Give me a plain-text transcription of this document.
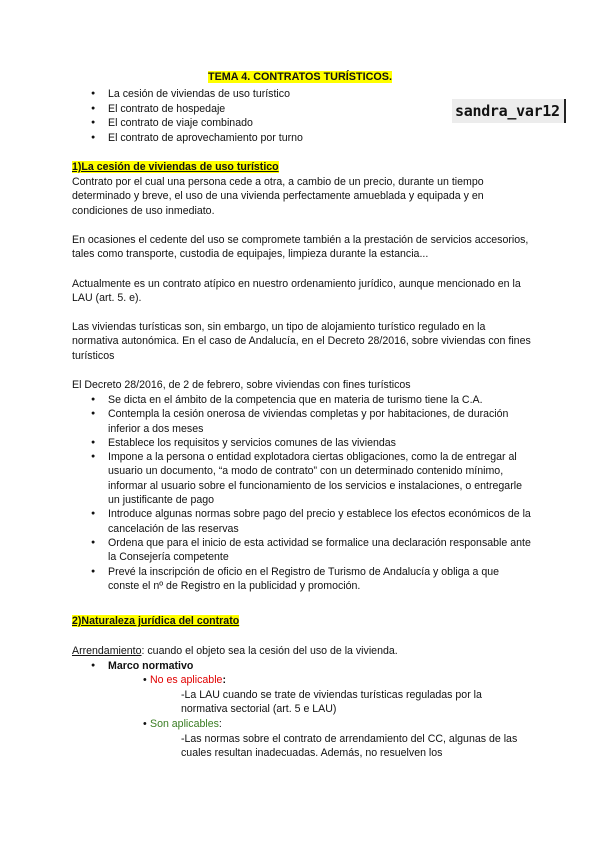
TEMA 4. CONTRATOS TURÍSTICOS.
● La cesión de viviendas de uso turístico
● El contrato de hospedaje
● El contrato de viaje combinado
● El contrato de aprovechamiento por turno
sandra_var12
1)La cesión de viviendas de uso turístico
Contrato por el cual una persona cede a otra, a cambio de un precio, durante un tiempo determinado y breve, el uso de una vivienda perfectamente amueblada y equipada y en condiciones de uso inmediato.
En ocasiones el cedente del uso se compromete también a la prestación de servicios accesorios, tales como transporte, custodia de equipajes, limpieza durante la estancia...
Actualmente es un contrato atípico en nuestro ordenamiento jurídico, aunque mencionado en la LAU (art. 5. e).
Las viviendas turísticas son, sin embargo, un tipo de alojamiento turístico regulado en la normativa autonómica. En el caso de Andalucía, en el Decreto 28/2016, sobre viviendas con fines turísticos
El Decreto 28/2016, de 2 de febrero, sobre viviendas con fines turísticos
● Se dicta en el ámbito de la competencia que en materia de turismo tiene la C.A.
● Contempla la cesión onerosa de viviendas completas y por habitaciones, de duración inferior a dos meses
● Establece los requisitos y servicios comunes de las viviendas
● Impone a la persona o entidad explotadora ciertas obligaciones, como la de entregar al usuario un documento, “a modo de contrato” con un determinado contenido mínimo, informar al usuario sobre el funcionamiento de los servicios e instalaciones, o entregarle un justificante de pago
● Introduce algunas normas sobre pago del precio y establece los efectos económicos de la cancelación de las reservas
● Ordena que para el inicio de esta actividad se formalice una declaración responsable ante la Consejería competente
● Prevé la inscripción de oficio en el Registro de Turismo de Andalucía y obliga a que conste el nº de Registro en la publicidad y promoción.
2)Naturaleza jurídica del contrato
Arrendamiento: cuando el objeto sea la cesión del uso de la vivienda.
● Marco normativo
• No es aplicable:
-La LAU cuando se trate de viviendas turísticas reguladas por la normativa sectorial (art. 5 e LAU)
• Son aplicables:
-Las normas sobre el contrato de arrendamiento del CC, algunas de las cuales resultan inadecuadas. Además, no resuelven los
